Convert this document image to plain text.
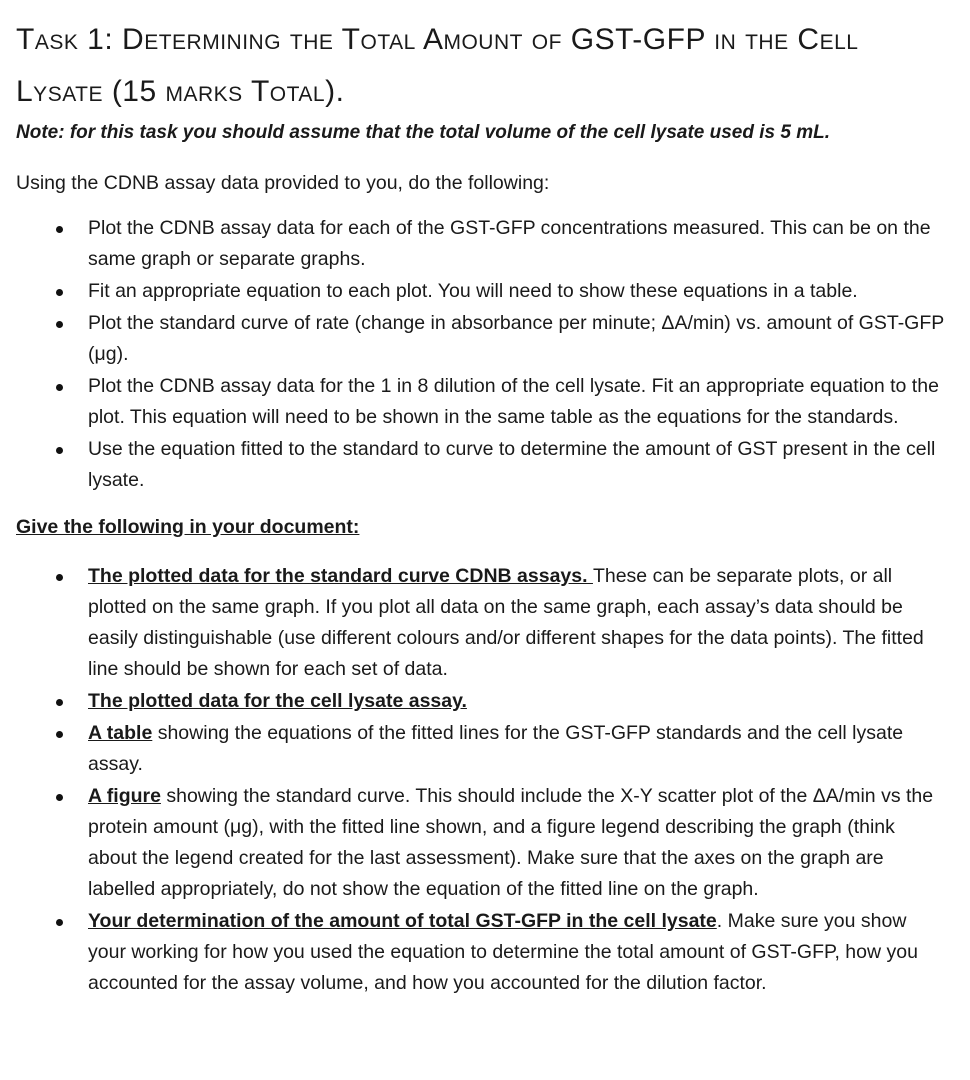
Task 1: Determining the Total Amount of GST-GFP in the Cell
Lysate (15 marks Total).

Note: for this task you should assume that the total volume of the cell lysate used is 5 mL.

Using the CDNB assay data provided to you, do the following:

Plot the CDNB assay data for each of the GST-GFP concentrations measured. This can be on the same graph or separate graphs.
Fit an appropriate equation to each plot. You will need to show these equations in a table.
Plot the standard curve of rate (change in absorbance per minute; ΔA/min) vs. amount of GST-GFP (μg).
Plot the CDNB assay data for the 1 in 8 dilution of the cell lysate. Fit an appropriate equation to the plot. This equation will need to be shown in the same table as the equations for the standards.
Use the equation fitted to the standard to curve to determine the amount of GST present in the cell lysate.
Give the following in your document:
The plotted data for the standard curve CDNB assays. These can be separate plots, or all plotted on the same graph. If you plot all data on the same graph, each assay’s data should be easily distinguishable (use different colours and/or different shapes for the data points). The fitted line should be shown for each set of data.
The plotted data for the cell lysate assay.
A table showing the equations of the fitted lines for the GST-GFP standards and the cell lysate assay.
A figure showing the standard curve. This should include the X-Y scatter plot of the ΔA/min vs the protein amount (μg), with the fitted line shown, and a figure legend describing the graph (think about the legend created for the last assessment). Make sure that the axes on the graph are labelled appropriately, do not show the equation of the fitted line on the graph.
Your determination of the amount of total GST-GFP in the cell lysate. Make sure you show your working for how you used the equation to determine the total amount of GST-GFP, how you accounted for the assay volume, and how you accounted for the dilution factor.
